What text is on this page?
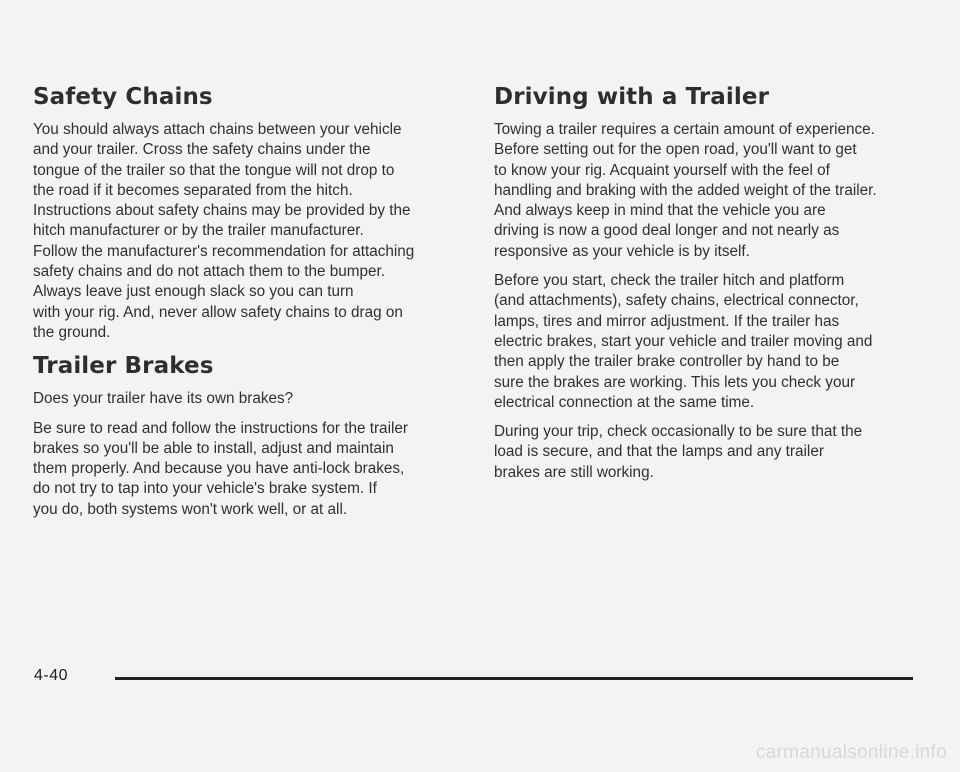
Safety Chains

You should always attach chains between your vehicle
and your trailer. Cross the safety chains under the
tongue of the trailer so that the tongue will not drop to
the road if it becomes separated from the hitch.
Instructions about safety chains may be provided by the
hitch manufacturer or by the trailer manufacturer.
Follow the manufacturer's recommendation for attaching
safety chains and do not attach them to the bumper.
Always leave just enough slack so you can turn
with your rig. And, never allow safety chains to drag on
the ground.

Trailer Brakes

Does your trailer have its own brakes?

Be sure to read and follow the instructions for the trailer
brakes so you'll be able to install, adjust and maintain
them properly. And because you have anti-lock brakes,
do not try to tap into your vehicle's brake system. If
you do, both systems won't work well, or at all.

Driving with a Trailer

Towing a trailer requires a certain amount of experience.
Before setting out for the open road, you'll want to get
to know your rig. Acquaint yourself with the feel of
handling and braking with the added weight of the trailer.
And always keep in mind that the vehicle you are
driving is now a good deal longer and not nearly as
responsive as your vehicle is by itself.

Before you start, check the trailer hitch and platform
(and attachments), safety chains, electrical connector,
lamps, tires and mirror adjustment. If the trailer has
electric brakes, start your vehicle and trailer moving and
then apply the trailer brake controller by hand to be
sure the brakes are working. This lets you check your
electrical connection at the same time.

During your trip, check occasionally to be sure that the
load is secure, and that the lamps and any trailer
brakes are still working.

4-40
carmanualsonline.info
